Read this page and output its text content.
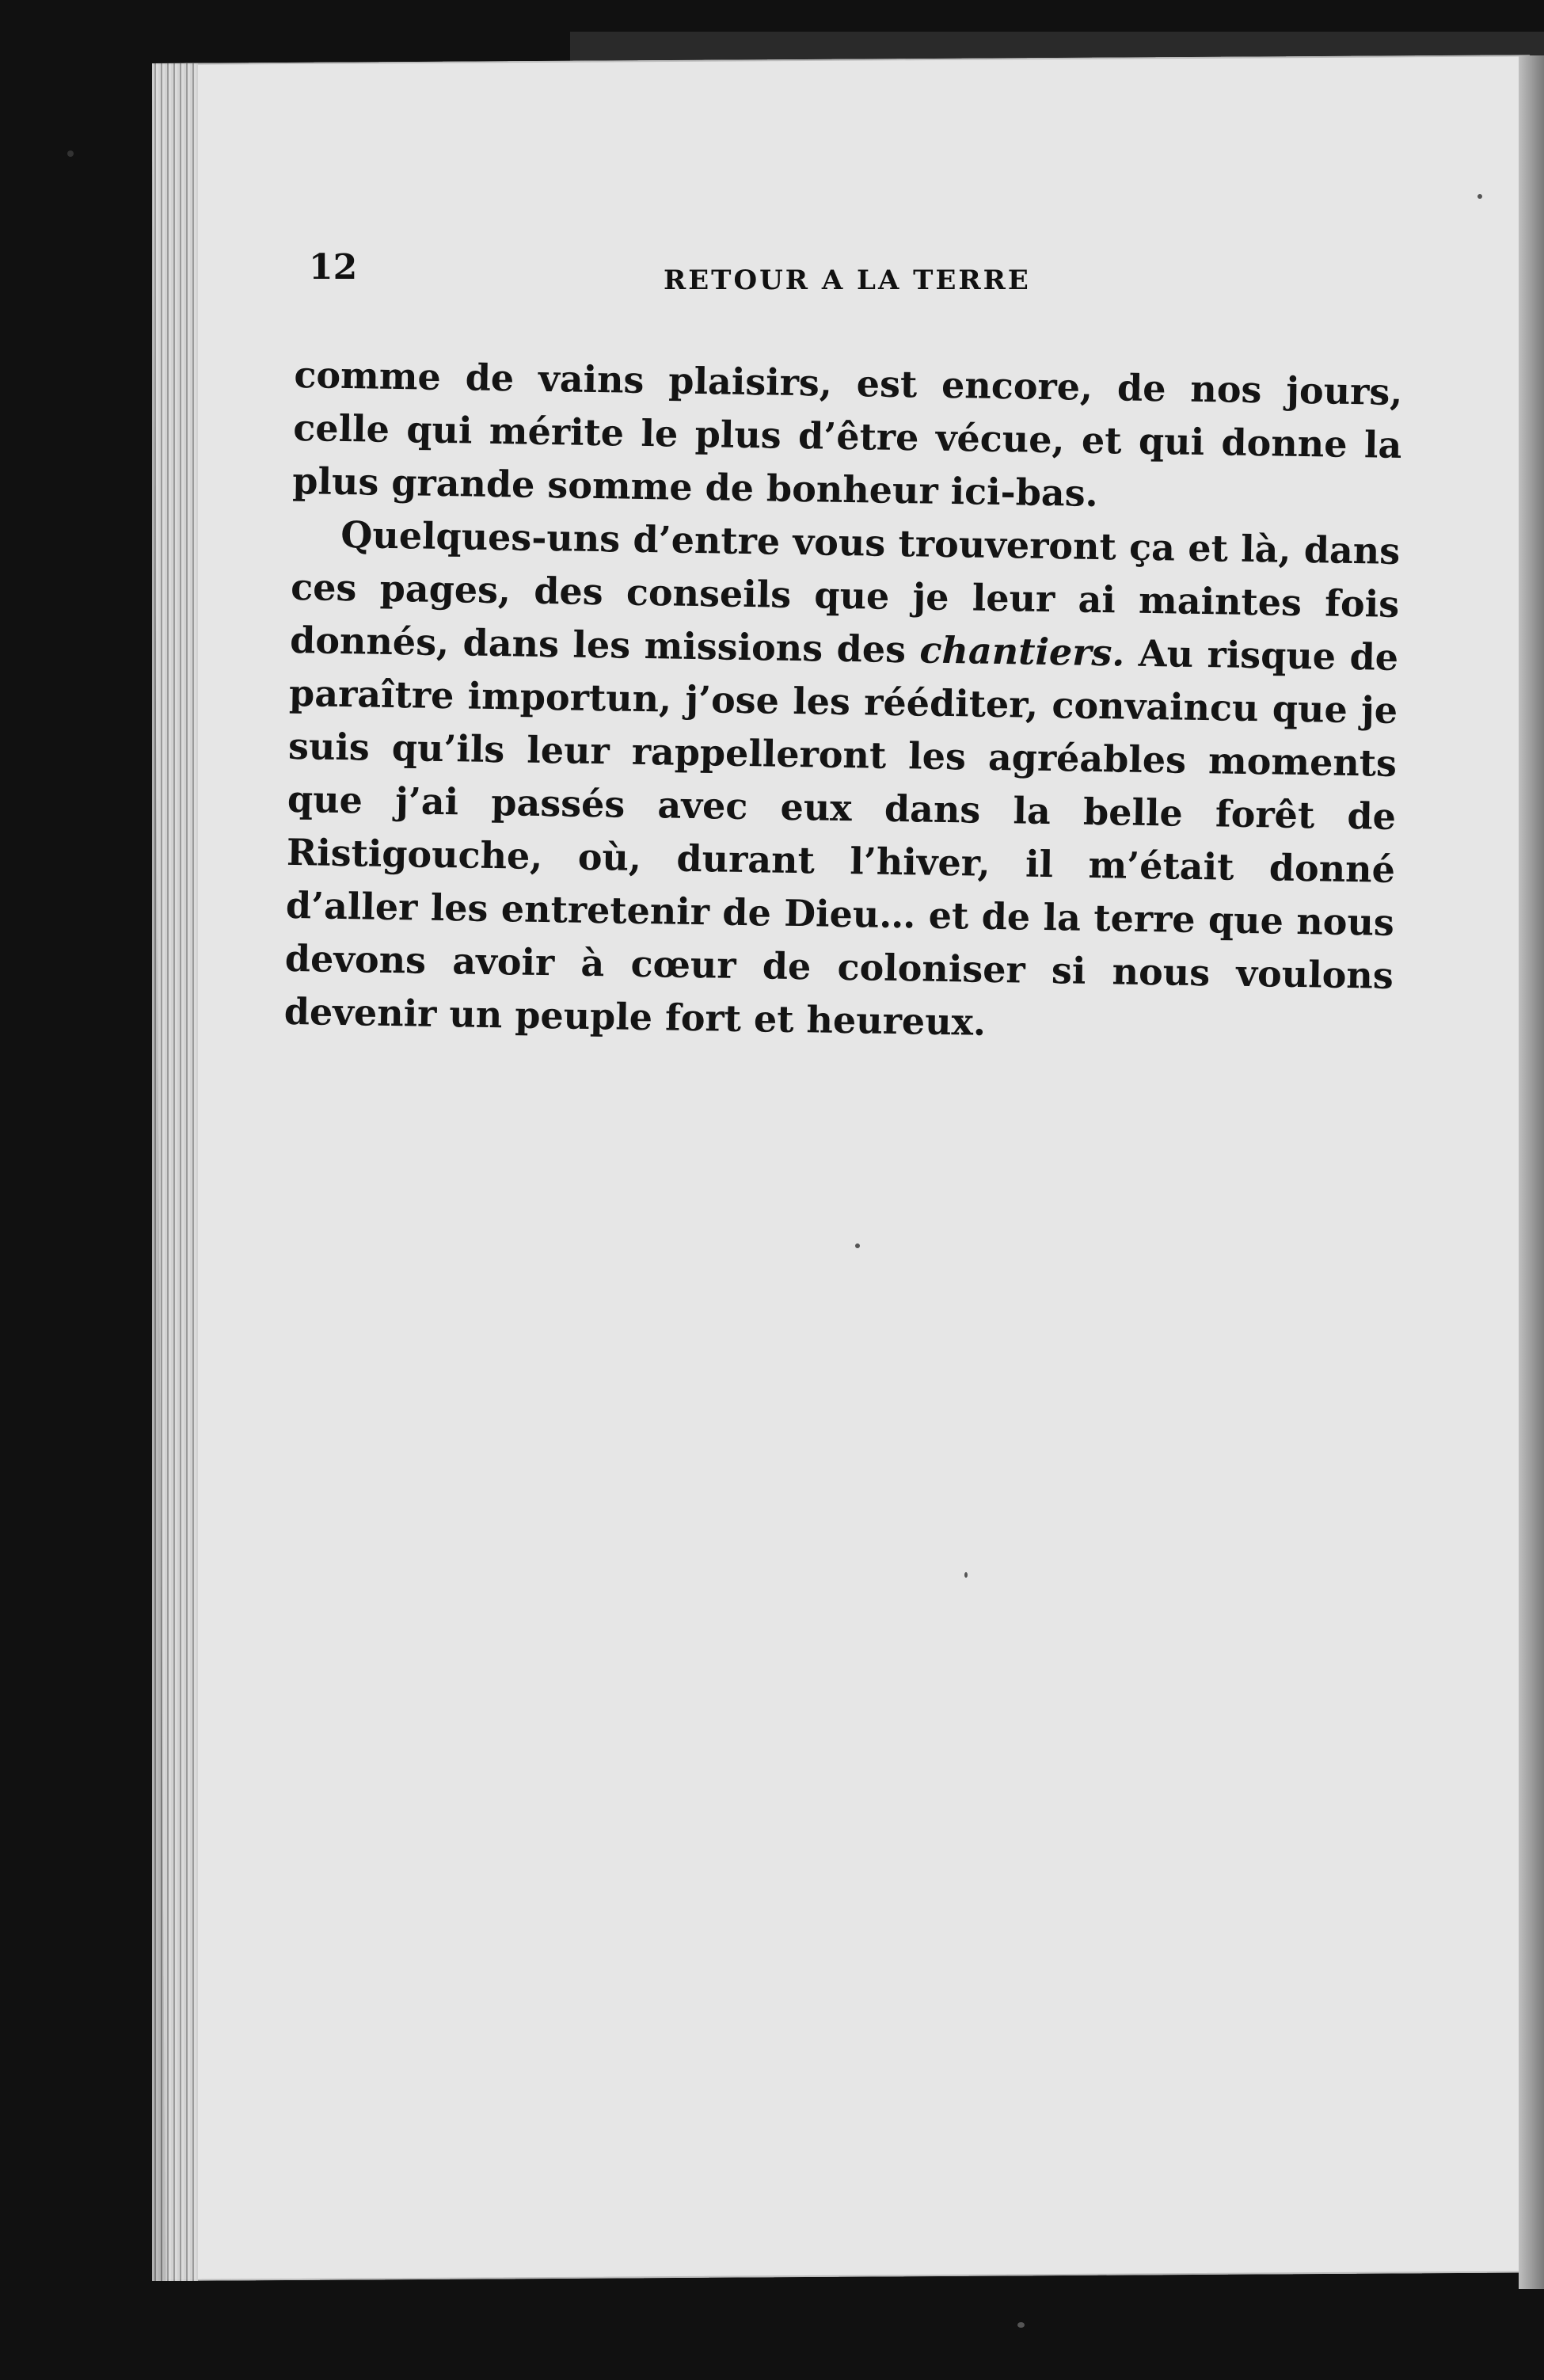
12	RETOUR A LA TERRE

comme de vains plaisirs, est encore, de nos jours, celle qui mérite le plus d’être vécue, et qui donne la plus grande somme de bonheur ici-bas.

Quelques-uns d’entre vous trouveront ça et là, dans ces pages, des conseils que je leur ai maintes fois donnés, dans les missions des chantiers. Au risque de paraître importun, j’ose les rééditer, convaincu que je suis qu’ils leur rappelleront les agréables moments que j’ai passés avec eux dans la belle forêt de Ristigouche, où, durant l’hiver, il m’était donné d’aller les entretenir de Dieu… et de la terre que nous devons avoir à cœur de coloniser si nous voulons devenir un peuple fort et heureux.
